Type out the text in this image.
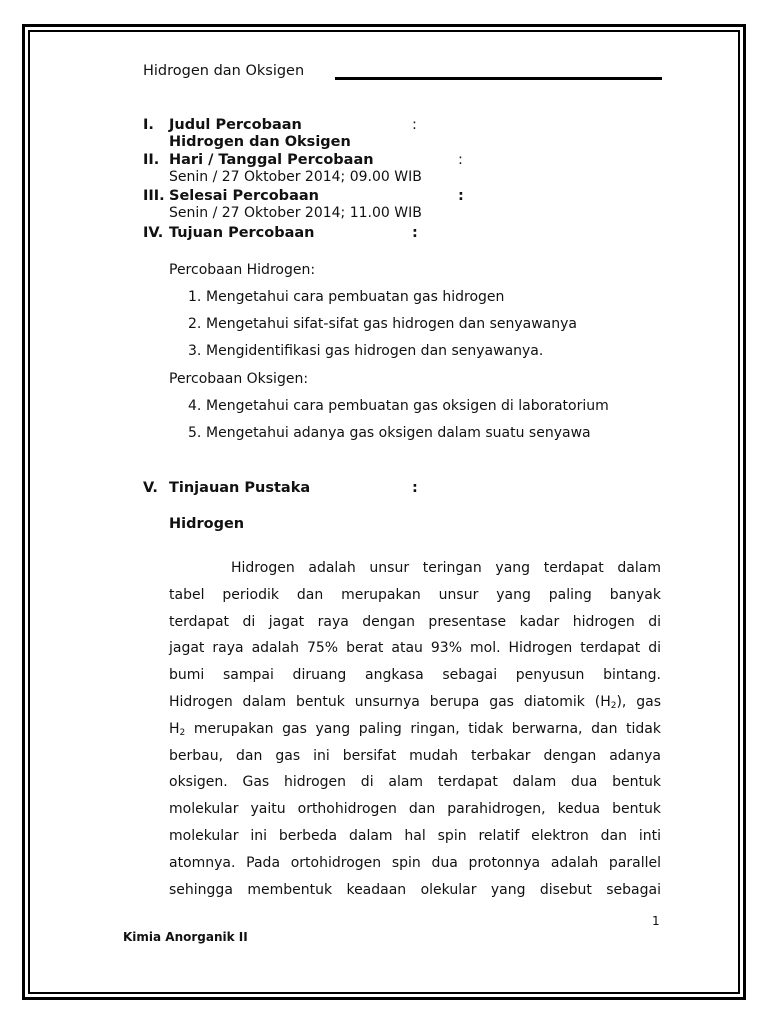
Hidrogen dan Oksigen
I. Judul Percobaan	:
Hidrogen dan Oksigen
II. Hari / Tanggal Percobaan	:
Senin / 27 Oktober 2014; 09.00 WIB
III. Selesai Percobaan	:
Senin / 27 Oktober 2014; 11.00 WIB
IV. Tujuan Percobaan	:
Percobaan Hidrogen:
1. Mengetahui cara pembuatan gas hidrogen
2. Mengetahui sifat-sifat gas hidrogen dan senyawanya
3. Mengidentifikasi gas hidrogen dan senyawanya.
Percobaan Oksigen:
4. Mengetahui cara pembuatan gas oksigen di laboratorium
5. Mengetahui adanya gas oksigen dalam suatu senyawa
V. Tinjauan Pustaka	:
Hidrogen
Hidrogen adalah unsur teringan yang terdapat dalam
tabel periodik dan merupakan unsur yang paling banyak
terdapat di jagat raya dengan presentase kadar hidrogen di
jagat raya adalah 75% berat atau 93% mol. Hidrogen terdapat di
bumi sampai diruang angkasa sebagai penyusun bintang.
Hidrogen dalam bentuk unsurnya berupa gas diatomik $(H_2)$, gas
$H_2$ merupakan gas yang paling ringan, tidak berwarna, dan tidak
berbau, dan gas ini bersifat mudah terbakar dengan adanya
oksigen. Gas hidrogen di alam terdapat dalam dua bentuk
molekular yaitu orthohidrogen dan parahidrogen, kedua bentuk
molekular ini berbeda dalam hal spin relatif elektron dan inti
atomnya. Pada ortohidrogen spin dua protonnya adalah parallel
sehingga membentuk keadaan olekular yang disebut sebagai
1
Kimia Anorganik II
